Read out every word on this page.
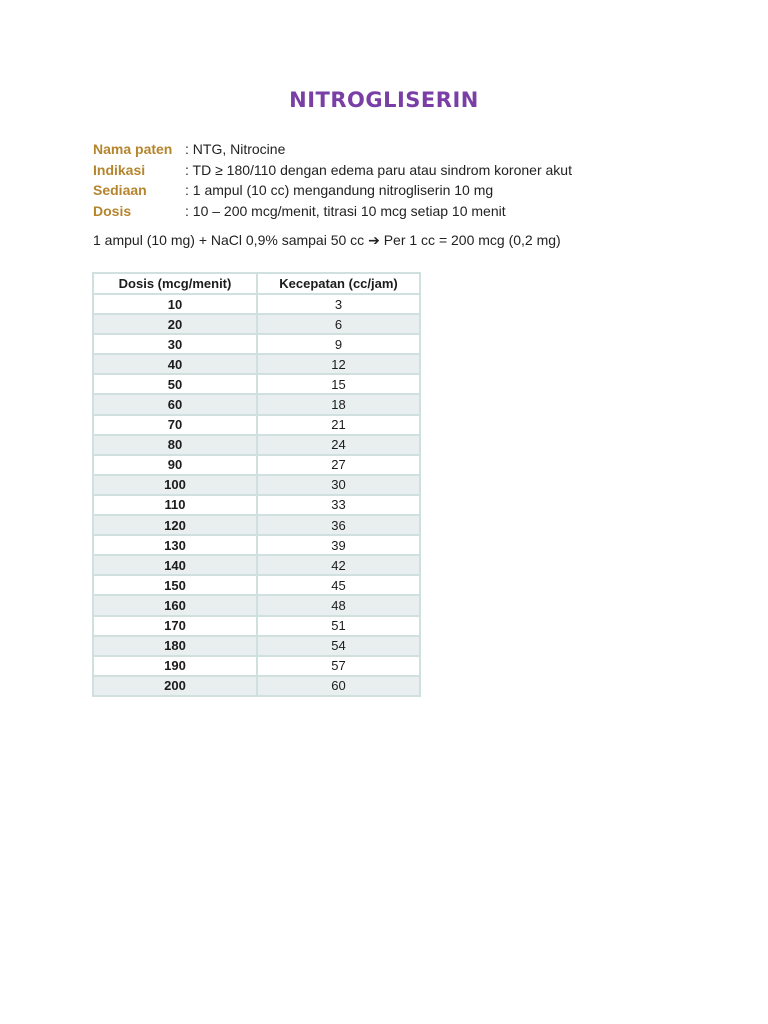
NITROGLISERIN
Nama paten : NTG, Nitrocine
Indikasi	: TD ≥ 180/110 dengan edema paru atau sindrom koroner akut
Sediaan	: 1 ampul (10 cc) mengandung nitrogliserin 10 mg
Dosis	: 10 – 200 mcg/menit, titrasi 10 mcg setiap 10 menit
1 ampul (10 mg) + NaCl 0,9% sampai 50 cc ➔ Per 1 cc = 200 mcg (0,2 mg)
Dosis (mcg/menit)	Kecepatan (cc/jam)
10	3
20	6
30	9
40	12
50	15
60	18
70	21
80	24
90	27
100	30
110	33
120	36
130	39
140	42
150	45
160	48
170	51
180	54
190	57
200	60
